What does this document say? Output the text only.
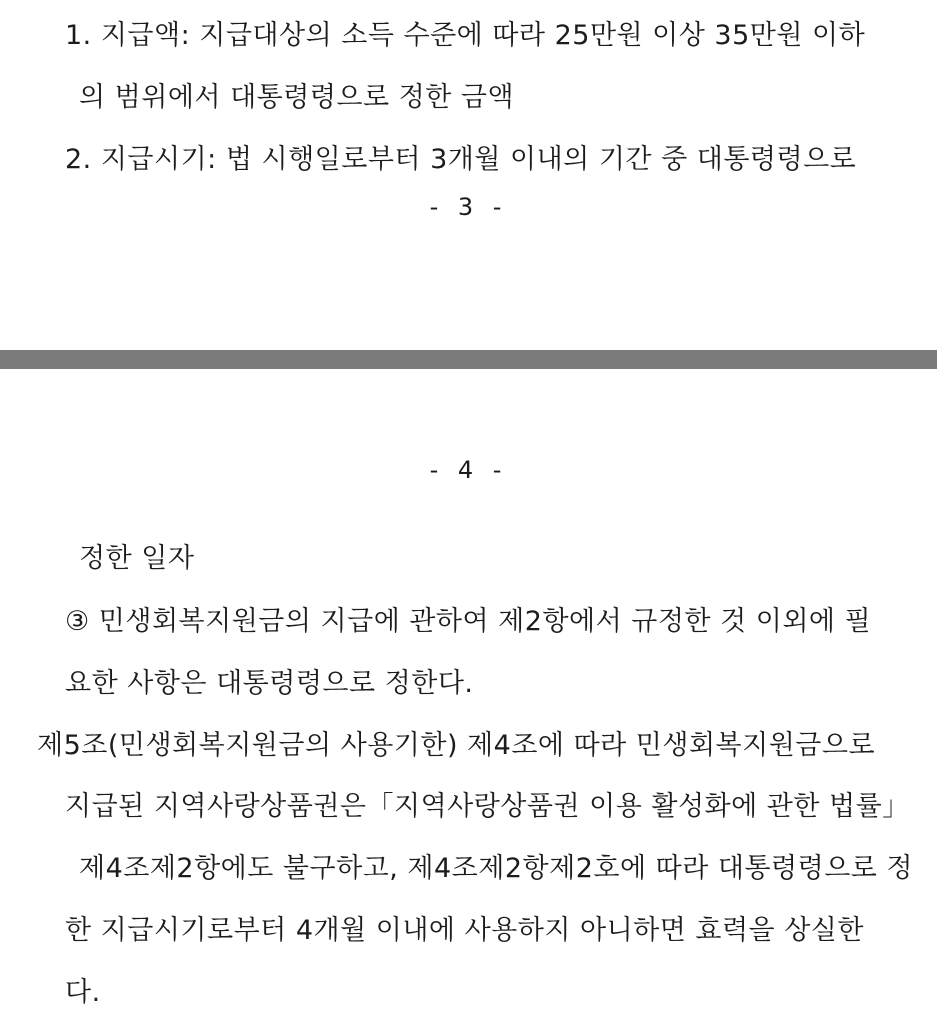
1. 지급액: 지급대상의 소득 수준에 따라 25만원 이상 35만원 이하
의 범위에서 대통령령으로 정한 금액
2. 지급시기: 법 시행일로부터 3개월 이내의 기간 중 대통령령으로
- 3 -
- 4 -
정한 일자
③ 민생회복지원금의 지급에 관하여 제2항에서 규정한 것 이외에 필
요한 사항은 대통령령으로 정한다.
제5조(민생회복지원금의 사용기한) 제4조에 따라 민생회복지원금으로
지급된 지역사랑상품권은「지역사랑상품권 이용 활성화에 관한 법률」
제4조제2항에도 불구하고, 제4조제2항제2호에 따라 대통령령으로 정
한 지급시기로부터 4개월 이내에 사용하지 아니하면 효력을 상실한
다.
